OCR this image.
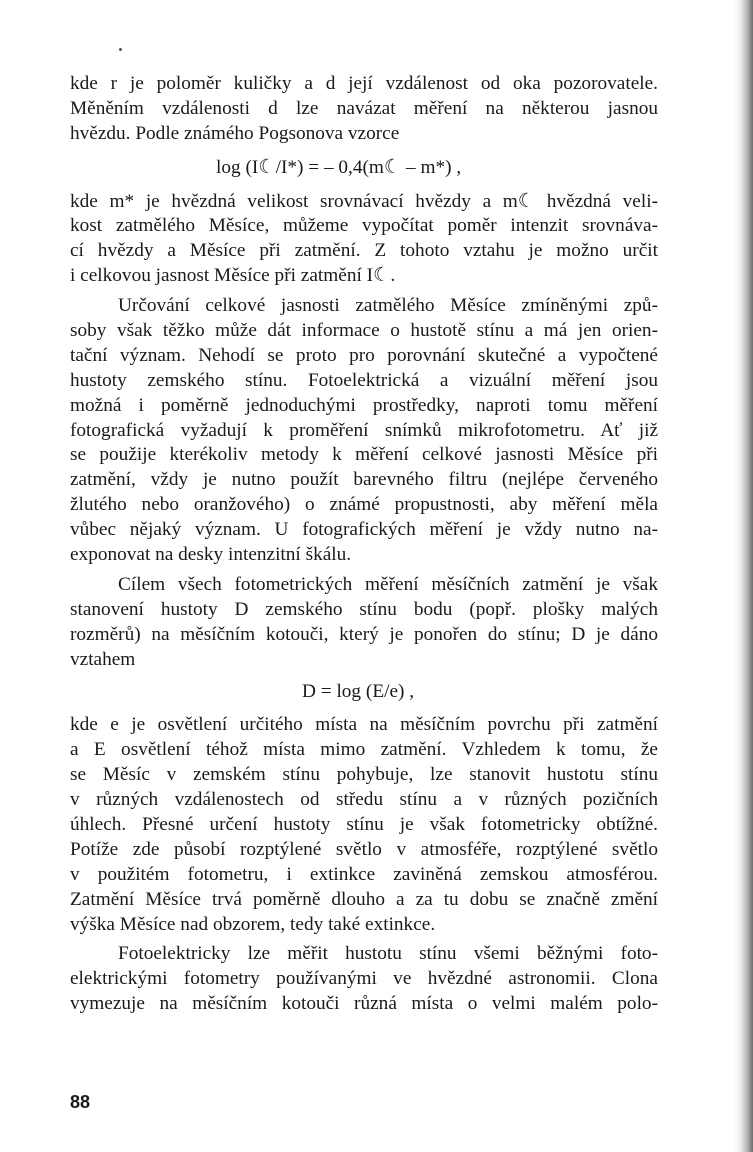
kde r je poloměr kuličky a d její vzdálenost od oka pozorovatele.
Měněním vzdálenosti d lze navázat měření na některou jasnou
hvězdu. Podle známého Pogsonova vzorce
log (I☾/I*) = – 0,4(m☾ – m*) ,
kde m* je hvězdná velikost srovnávací hvězdy a m☾ hvězdná veli-
kost zatmělého Měsíce, můžeme vypočítat poměr intenzit srovnáva-
cí hvězdy a Měsíce při zatmění. Z tohoto vztahu je možno určit
i celkovou jasnost Měsíce při zatmění I☾.
Určování celkové jasnosti zatmělého Měsíce zmíněnými způ-
soby však těžko může dát informace o hustotě stínu a má jen orien-
tační význam. Nehodí se proto pro porovnání skutečné a vypočtené
hustoty zemského stínu. Fotoelektrická a vizuální měření jsou
možná i poměrně jednoduchými prostředky, naproti tomu měření
fotografická vyžadují k proměření snímků mikrofotometru. Ať již
se použije kterékoliv metody k měření celkové jasnosti Měsíce při
zatmění, vždy je nutno použít barevného filtru (nejlépe červeného
žlutého nebo oranžového) o známé propustnosti, aby měření měla
vůbec nějaký význam. U fotografických měření je vždy nutno na-
exponovat na desky intenzitní škálu.
Cílem všech fotometrických měření měsíčních zatmění je však
stanovení hustoty D zemského stínu bodu (popř. plošky malých
rozměrů) na měsíčním kotouči, který je ponořen do stínu; D je dáno
vztahem
D = log (E/e) ,
kde e je osvětlení určitého místa na měsíčním povrchu při zatmění
a E osvětlení téhož místa mimo zatmění. Vzhledem k tomu, že
se Měsíc v zemském stínu pohybuje, lze stanovit hustotu stínu
v různých vzdálenostech od středu stínu a v různých pozičních
úhlech. Přesné určení hustoty stínu je však fotometricky obtížné.
Potíže zde působí rozptýlené světlo v atmosféře, rozptýlené světlo
v použitém fotometru, i extinkce zaviněná zemskou atmosférou.
Zatmění Měsíce trvá poměrně dlouho a za tu dobu se značně změní
výška Měsíce nad obzorem, tedy také extinkce.
Fotoelektricky lze měřit hustotu stínu všemi běžnými foto-
elektrickými fotometry používanými ve hvězdné astronomii. Clona
vymezuje na měsíčním kotouči různá místa o velmi malém polo-
88
